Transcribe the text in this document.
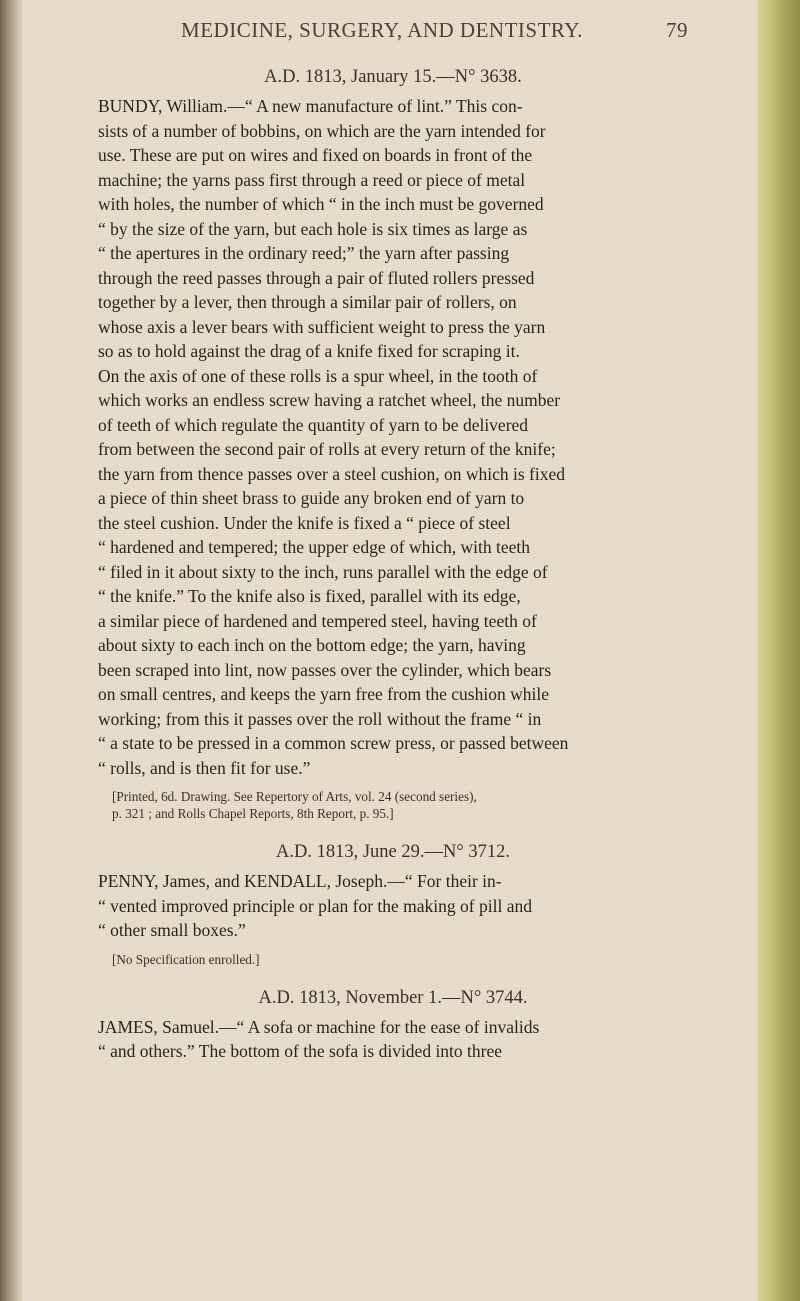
MEDICINE, SURGERY, AND DENTISTRY.	79
A.D. 1813, January 15.—N° 3638.
BUNDY, William.—“ A new manufacture of lint.” This con-
sists of a number of bobbins, on which are the yarn intended for
use. These are put on wires and fixed on boards in front of the
machine; the yarns pass first through a reed or piece of metal
with holes, the number of which “ in the inch must be governed
“ by the size of the yarn, but each hole is six times as large as
“ the apertures in the ordinary reed;” the yarn after passing
through the reed passes through a pair of fluted rollers pressed
together by a lever, then through a similar pair of rollers, on
whose axis a lever bears with sufficient weight to press the yarn
so as to hold against the drag of a knife fixed for scraping it.
On the axis of one of these rolls is a spur wheel, in the tooth of
which works an endless screw having a ratchet wheel, the number
of teeth of which regulate the quantity of yarn to be delivered
from between the second pair of rolls at every return of the knife;
the yarn from thence passes over a steel cushion, on which is fixed
a piece of thin sheet brass to guide any broken end of yarn to
the steel cushion. Under the knife is fixed a “ piece of steel
“ hardened and tempered; the upper edge of which, with teeth
“ filed in it about sixty to the inch, runs parallel with the edge of
“ the knife.” To the knife also is fixed, parallel with its edge,
a similar piece of hardened and tempered steel, having teeth of
about sixty to each inch on the bottom edge; the yarn, having
been scraped into lint, now passes over the cylinder, which bears
on small centres, and keeps the yarn free from the cushion while
working; from this it passes over the roll without the frame “ in
“ a state to be pressed in a common screw press, or passed between
“ rolls, and is then fit for use.”
[Printed, 6d. Drawing. See Repertory of Arts, vol. 24 (second series),
p. 321 ; and Rolls Chapel Reports, 8th Report, p. 95.]
A.D. 1813, June 29.—N° 3712.
PENNY, James, and KENDALL, Joseph.—“ For their in-
“ vented improved principle or plan for the making of pill and
“ other small boxes.”
[No Specification enrolled.]
A.D. 1813, November 1.—N° 3744.
JAMES, Samuel.—“ A sofa or machine for the ease of invalids
“ and others.” The bottom of the sofa is divided into three
